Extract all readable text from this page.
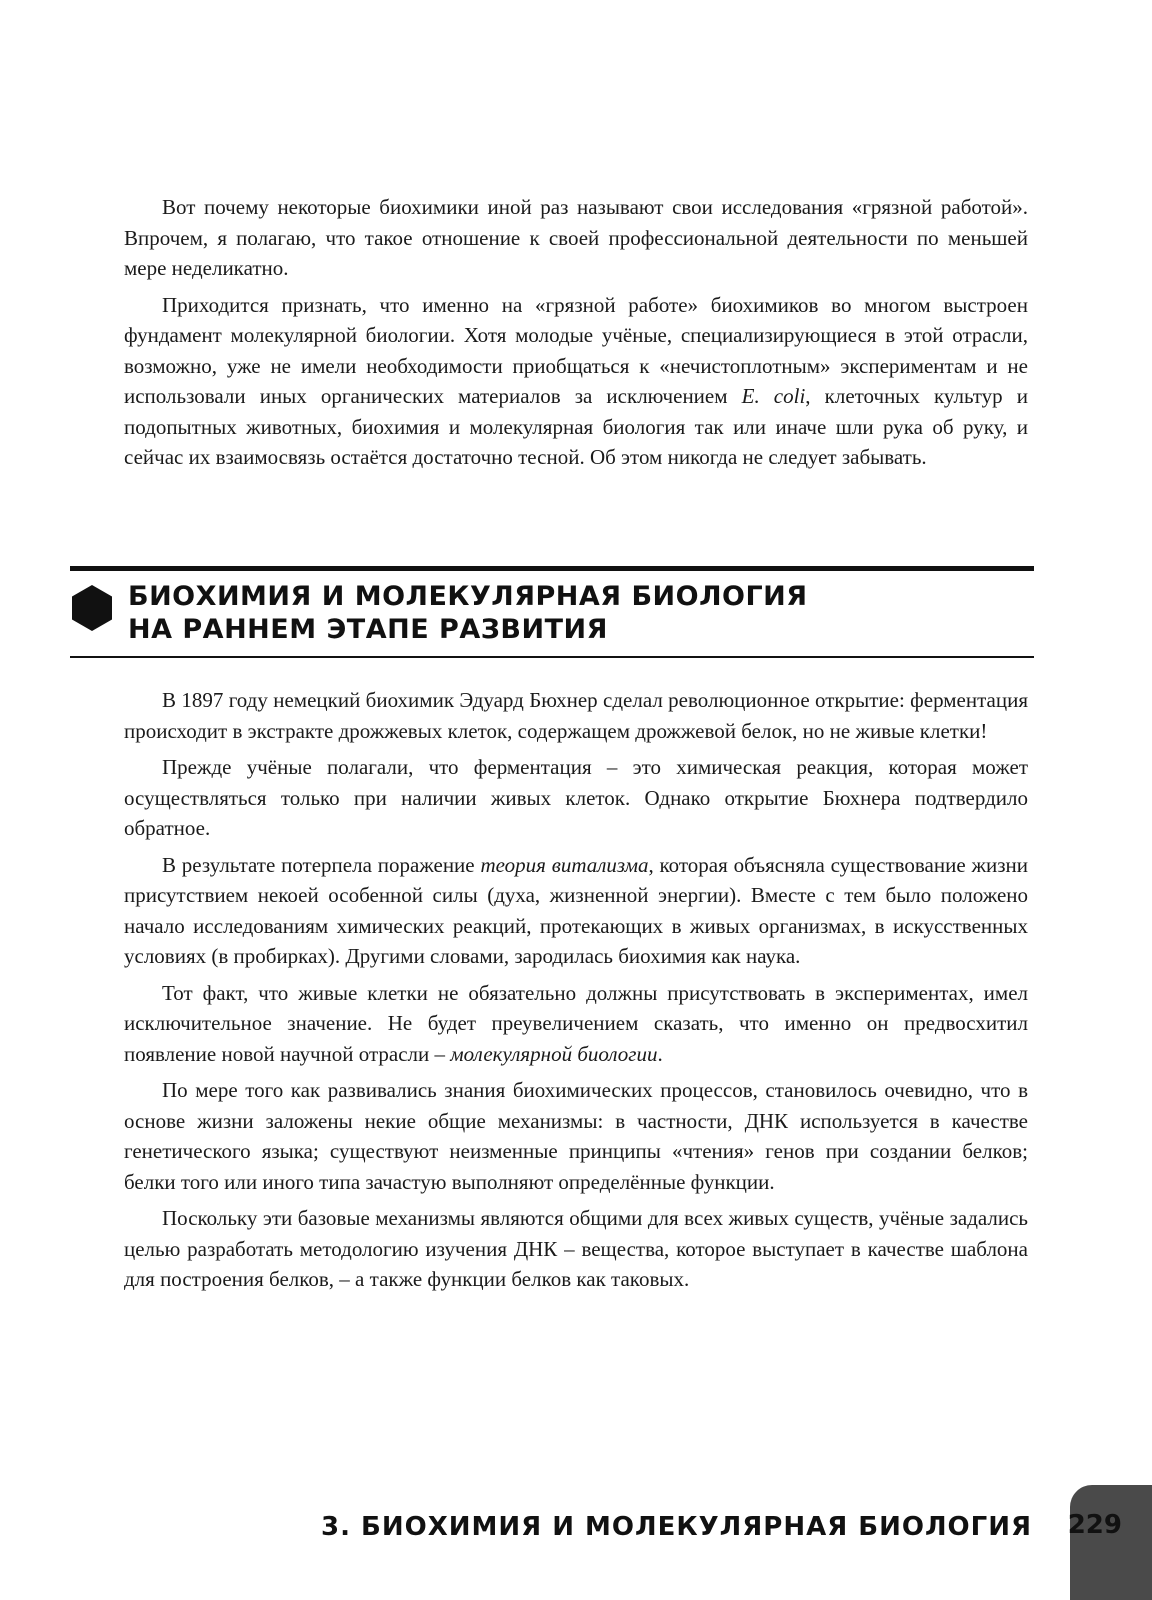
Вот почему некоторые биохимики иной раз называют свои исследования «грязной работой». Впрочем, я полагаю, что такое отношение к своей профессиональной деятельности по меньшей мере неделикатно.

Приходится признать, что именно на «грязной работе» биохимиков во многом выстроен фундамент молекулярной биологии. Хотя молодые учёные, специализирующиеся в этой отрасли, возможно, уже не имели необходимости приобщаться к «нечистоплотным» экспериментам и не использовали иных органических материалов за исключением E. coli, клеточных культур и подопытных животных, биохимия и молекулярная биология так или иначе шли рука об руку, и сейчас их взаимосвязь остаётся достаточно тесной. Об этом никогда не следует забывать.

БИОХИМИЯ И МОЛЕКУЛЯРНАЯ БИОЛОГИЯ
НА РАННЕМ ЭТАПЕ РАЗВИТИЯ

В 1897 году немецкий биохимик Эдуард Бюхнер сделал революционное открытие: ферментация происходит в экстракте дрожжевых клеток, содержащем дрожжевой белок, но не живые клетки!

Прежде учёные полагали, что ферментация – это химическая реакция, которая может осуществляться только при наличии живых клеток. Однако открытие Бюхнера подтвердило обратное.

В результате потерпела поражение теория витализма, которая объясняла существование жизни присутствием некоей особенной силы (духа, жизненной энергии). Вместе с тем было положено начало исследованиям химических реакций, протекающих в живых организмах, в искусственных условиях (в пробирках). Другими словами, зародилась биохимия как наука.

Тот факт, что живые клетки не обязательно должны присутствовать в экспериментах, имел исключительное значение. Не будет преувеличением сказать, что именно он предвосхитил появление новой научной отрасли – молекулярной биологии.

По мере того как развивались знания биохимических процессов, становилось очевидно, что в основе жизни заложены некие общие механизмы: в частности, ДНК используется в качестве генетического языка; существуют неизменные принципы «чтения» генов при создании белков; белки того или иного типа зачастую выполняют определённые функции.

Поскольку эти базовые механизмы являются общими для всех живых существ, учёные задались целью разработать методологию изучения ДНК – вещества, которое выступает в качестве шаблона для построения белков, – а также функции белков как таковых.

3. БИОХИМИЯ И МОЛЕКУЛЯРНАЯ БИОЛОГИЯ 229
